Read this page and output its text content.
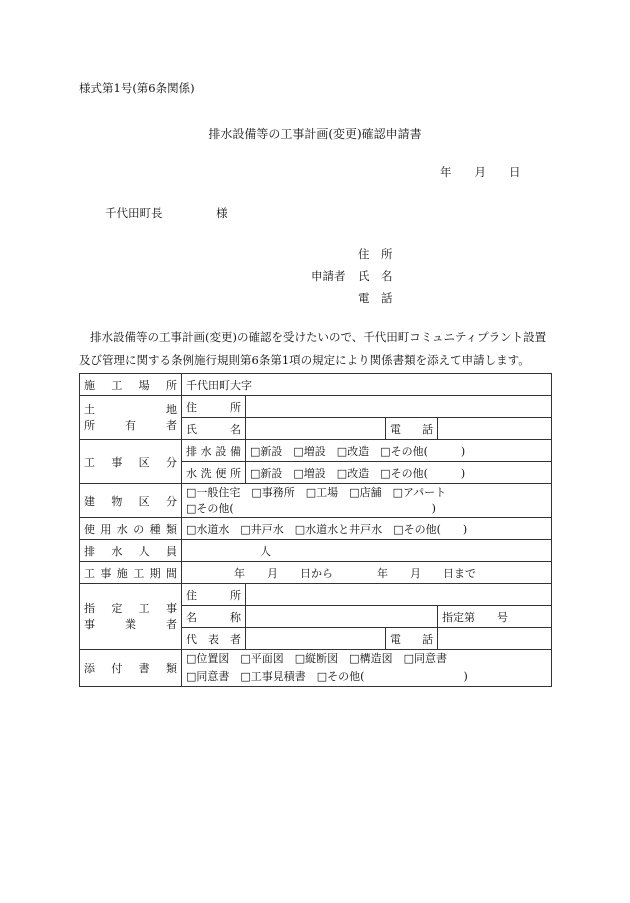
様式第1号(第6条関係)
排水設備等の工事計画(変更)確認申請書
年　　月　　日
千代田町長	様
住　所
申請者 氏　名
電　話
排水設備等の工事計画(変更)の確認を受けたいので、千代田町コミュニティプラント設置及び管理に関する条例施行規則第6条第1項の規定により関係書類を添えて申請します。
施　工　場　所	千代田町大字			

土　　　地
所　有　者	住　所			
	氏　名		電　話	
工　事　区　分	排水設備	□新設　□増設　□改造　□その他(　　　)		
	水洗便所	□新設　□増設　□改造　□その他(　　　)		
建　物　区　分	□一般住宅　□事務所　□工場　□店舗　□アパート
□その他(　　　　　　　　　　　　　　　　　　)			

使用水の種類	□水道水　□井戸水　□水道水と井戸水　□その他(　　)			
排　水　人　員	人			
工事施工期間	年　　月　　日から　　　　年　　月　　日まで			

指　定　工　事
事　業　者	住　所			
	名　称			指定第　　号
	代表者		電　話	
添　付　書　類	□位置図　□平面図　□縦断図　□構造図　□同意書
□同意書　□工事見積書　□その他(　　　　　　　　　)			
